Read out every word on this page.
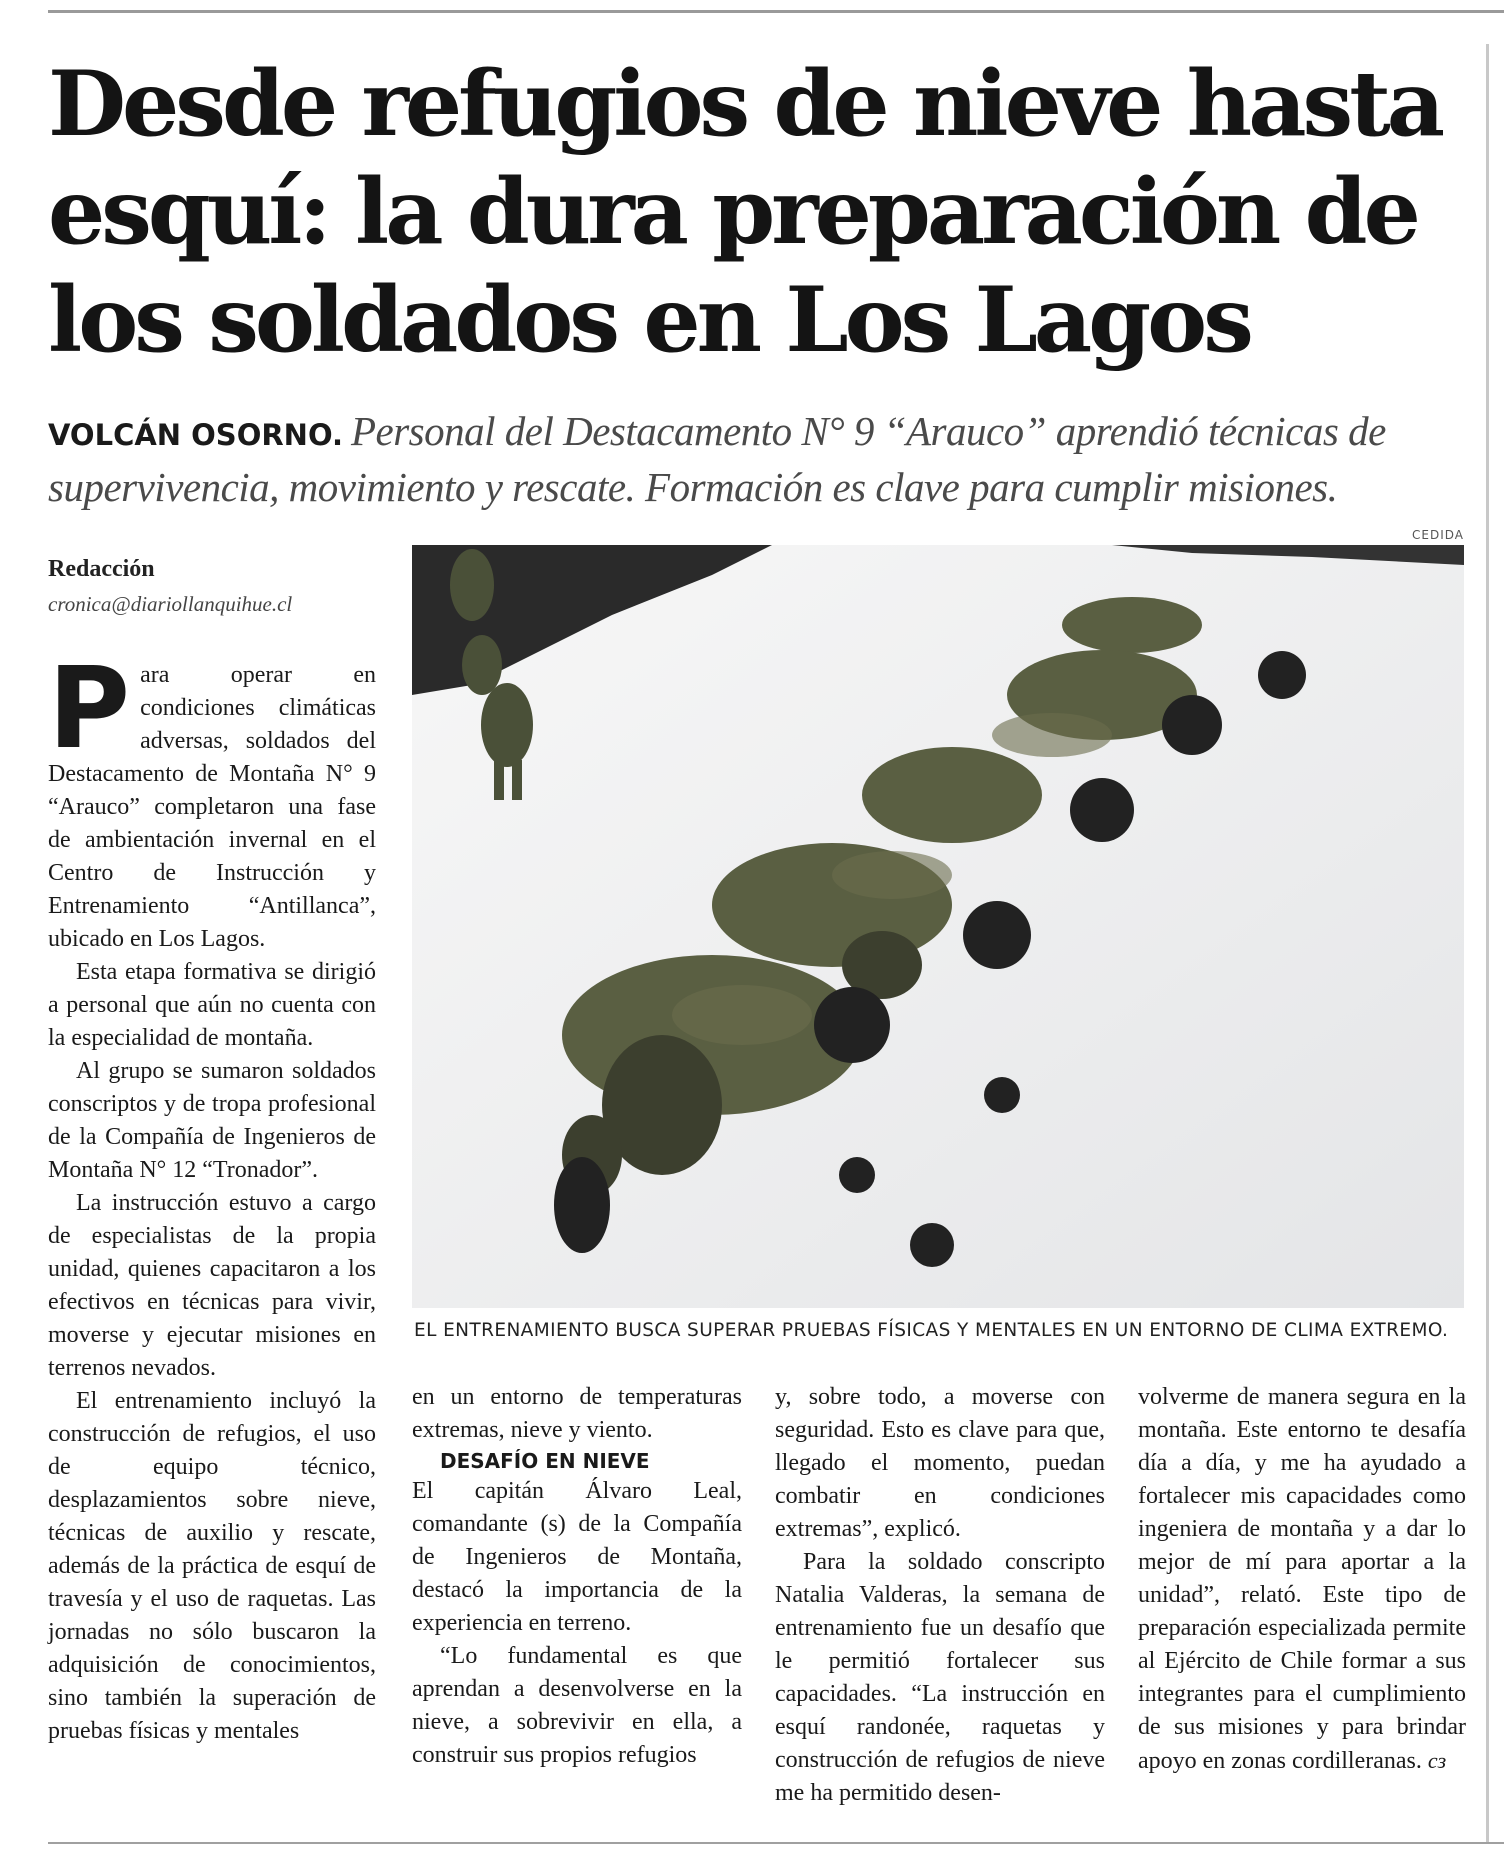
Desde refugios de nieve hasta esquí: la dura preparación de los soldados en Los Lagos

VOLCÁN OSORNO. Personal del Destacamento N° 9 “Arauco” aprendió técnicas de supervivencia, movimiento y rescate. Formación es clave para cumplir misiones.

Redacción
cronica@diariollanquihue.cl
CEDIDA
EL ENTRENAMIENTO BUSCA SUPERAR PRUEBAS FÍSICAS Y MENTALES EN UN ENTORNO DE CLIMA EXTREMO.

Para operar en condiciones climáticas adversas, soldados del Destacamento de Montaña N° 9 “Arauco” completaron una fase de ambientación invernal en el Centro de Instrucción y Entrenamiento “Antillanca”, ubicado en Los Lagos.

Esta etapa formativa se dirigió a personal que aún no cuenta con la especialidad de montaña.

Al grupo se sumaron soldados conscriptos y de tropa profesional de la Compañía de Ingenieros de Montaña N° 12 “Tronador”.

La instrucción estuvo a cargo de especialistas de la propia unidad, quienes capacitaron a los efectivos en técnicas para vivir, moverse y ejecutar misiones en terrenos nevados.

El entrenamiento incluyó la construcción de refugios, el uso de equipo técnico, desplazamientos sobre nieve, técnicas de auxilio y rescate, además de la práctica de esquí de travesía y el uso de raquetas. Las jornadas no sólo buscaron la adquisición de conocimientos, sino también la superación de pruebas físicas y mentales

en un entorno de temperaturas extremas, nieve y viento.

DESAFÍO EN NIEVE

El capitán Álvaro Leal, comandante (s) de la Compañía de Ingenieros de Montaña, destacó la importancia de la experiencia en terreno.

“Lo fundamental es que aprendan a desenvolverse en la nieve, a sobrevivir en ella, a construir sus propios refugios

y, sobre todo, a moverse con seguridad. Esto es clave para que, llegado el momento, puedan combatir en condiciones extremas”, explicó.

Para la soldado conscripto Natalia Valderas, la semana de entrenamiento fue un desafío que le permitió fortalecer sus capacidades. “La instrucción en esquí randonée, raquetas y construcción de refugios de nieve me ha permitido desen-

volverme de manera segura en la montaña. Este entorno te desafía día a día, y me ha ayudado a fortalecer mis capacidades como ingeniera de montaña y a dar lo mejor de mí para aportar a la unidad”, relató. Este tipo de preparación especializada permite al Ejército de Chile formar a sus integrantes para el cumplimiento de sus misiones y para brindar apoyo en zonas cordilleranas. cз
